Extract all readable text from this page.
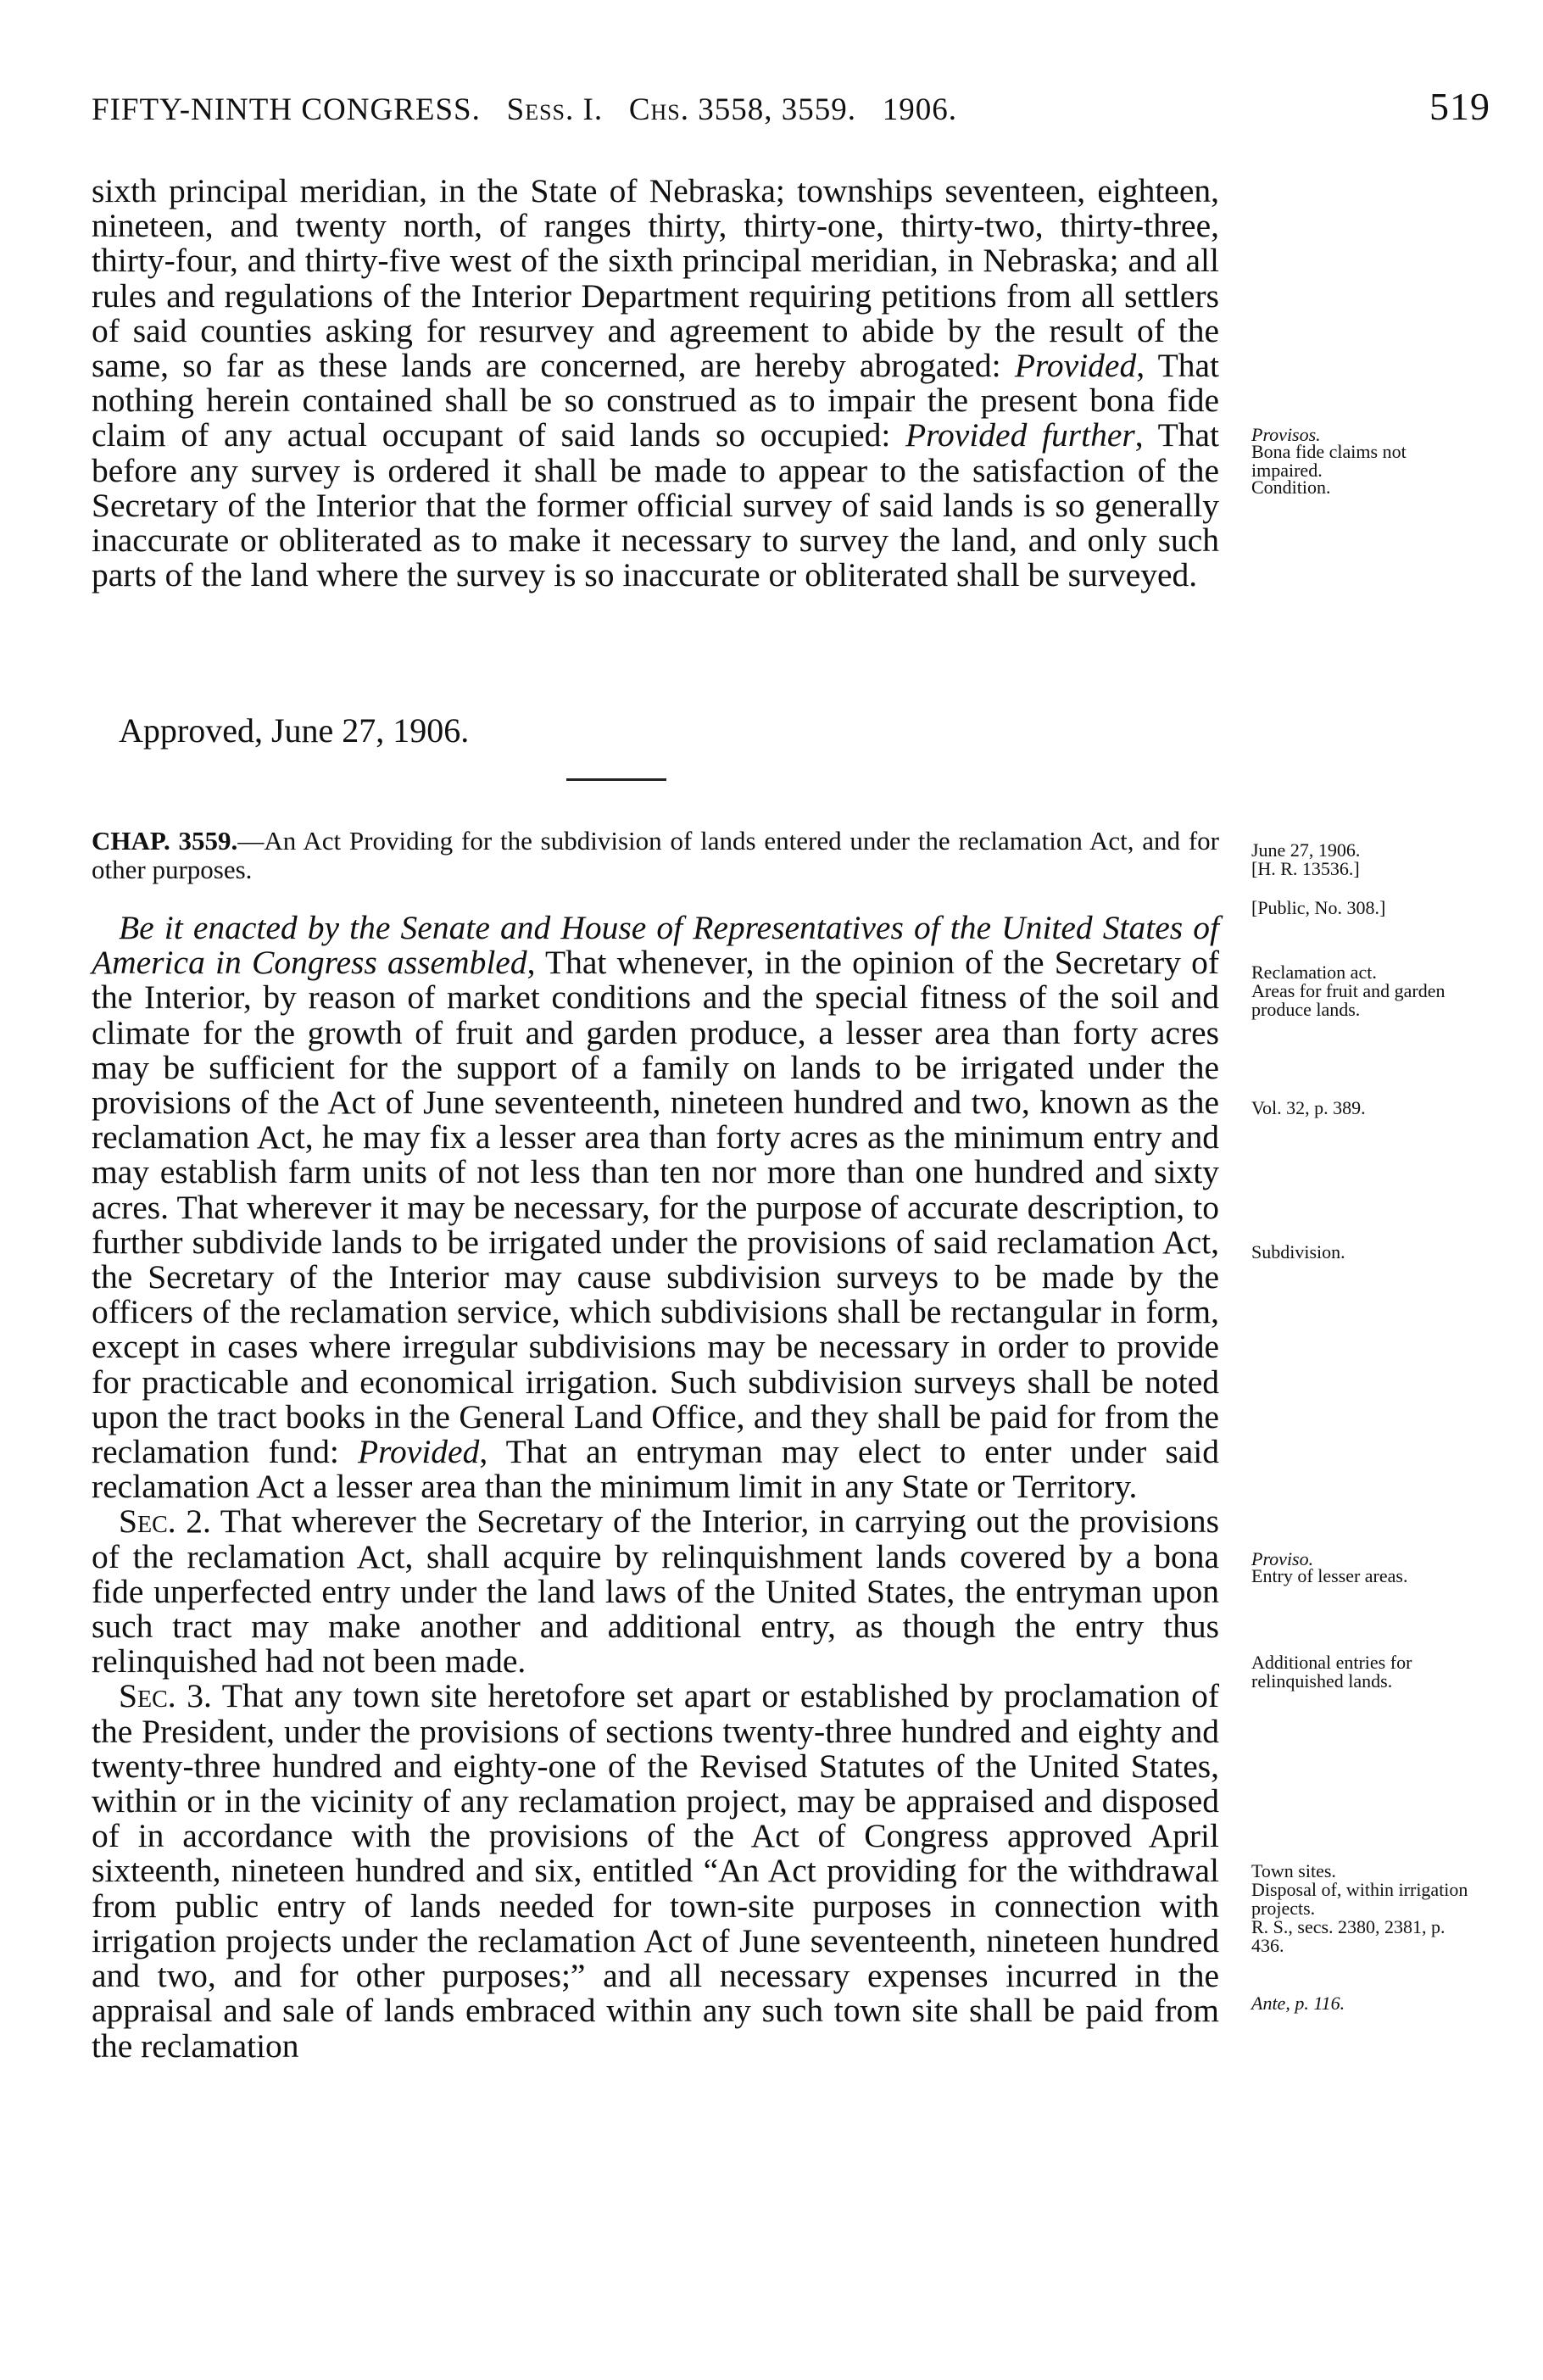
FIFTY-NINTH CONGRESS. Sess. I. Chs. 3558, 3559. 1906.	519

sixth principal meridian, in the State of Nebraska; townships seventeen, eighteen, nineteen, and twenty north, of ranges thirty, thirty-one, thirty-two, thirty-three, thirty-four, and thirty-five west of the sixth principal meridian, in Nebraska; and all rules and regulations of the Interior Department requiring petitions from all settlers of said counties asking for resurvey and agreement to abide by the result of the same, so far as these lands are concerned, are hereby abrogated: Provided, That nothing herein contained shall be so construed as to impair the present bona fide claim of any actual occupant of said lands so occupied: Provided further, That before any survey is ordered it shall be made to appear to the satisfaction of the Secretary of the Interior that the former official survey of said lands is so generally inaccurate or obliterated as to make it necessary to survey the land, and only such parts of the land where the survey is so inaccurate or obliterated shall be surveyed.

Approved, June 27, 1906.
CHAP. 3559.—An Act Providing for the subdivision of lands entered under the reclamation Act, and for other purposes.

Be it enacted by the Senate and House of Representatives of the United States of America in Congress assembled, That whenever, in the opinion of the Secretary of the Interior, by reason of market conditions and the special fitness of the soil and climate for the growth of fruit and garden produce, a lesser area than forty acres may be sufficient for the support of a family on lands to be irrigated under the provisions of the Act of June seventeenth, nineteen hundred and two, known as the reclamation Act, he may fix a lesser area than forty acres as the minimum entry and may establish farm units of not less than ten nor more than one hundred and sixty acres. That wherever it may be necessary, for the purpose of accurate description, to further subdivide lands to be irrigated under the provisions of said reclamation Act, the Secretary of the Interior may cause subdivision surveys to be made by the officers of the reclamation service, which subdivisions shall be rectangular in form, except in cases where irregular subdivisions may be necessary in order to provide for practicable and economical irrigation. Such subdivision surveys shall be noted upon the tract books in the General Land Office, and they shall be paid for from the reclamation fund: Provided, That an entryman may elect to enter under said reclamation Act a lesser area than the minimum limit in any State or Territory.

Sec. 2. That wherever the Secretary of the Interior, in carrying out the provisions of the reclamation Act, shall acquire by relinquishment lands covered by a bona fide unperfected entry under the land laws of the United States, the entryman upon such tract may make another and additional entry, as though the entry thus relinquished had not been made.

Sec. 3. That any town site heretofore set apart or established by proclamation of the President, under the provisions of sections twenty-three hundred and eighty and twenty-three hundred and eighty-one of the Revised Statutes of the United States, within or in the vicinity of any reclamation project, may be appraised and disposed of in accordance with the provisions of the Act of Congress approved April sixteenth, nineteen hundred and six, entitled “An Act providing for the withdrawal from public entry of lands needed for town-site purposes in connection with irrigation projects under the reclamation Act of June seventeenth, nineteen hundred and two, and for other purposes;” and all necessary expenses incurred in the appraisal and sale of lands embraced within any such town site shall be paid from the reclamation

Provisos.
Bona fide claims not impaired.
Condition.
June 27, 1906.
[H. R. 13536.]
[Public, No. 308.]
Reclamation act.
Areas for fruit and garden produce lands.
Vol. 32, p. 389.
Subdivision.
Proviso.
Entry of lesser areas.
Additional entries for relinquished lands.
Town sites.
Disposal of, within irrigation projects.
R. S., secs. 2380, 2381, p. 436.
Ante, p. 116.
